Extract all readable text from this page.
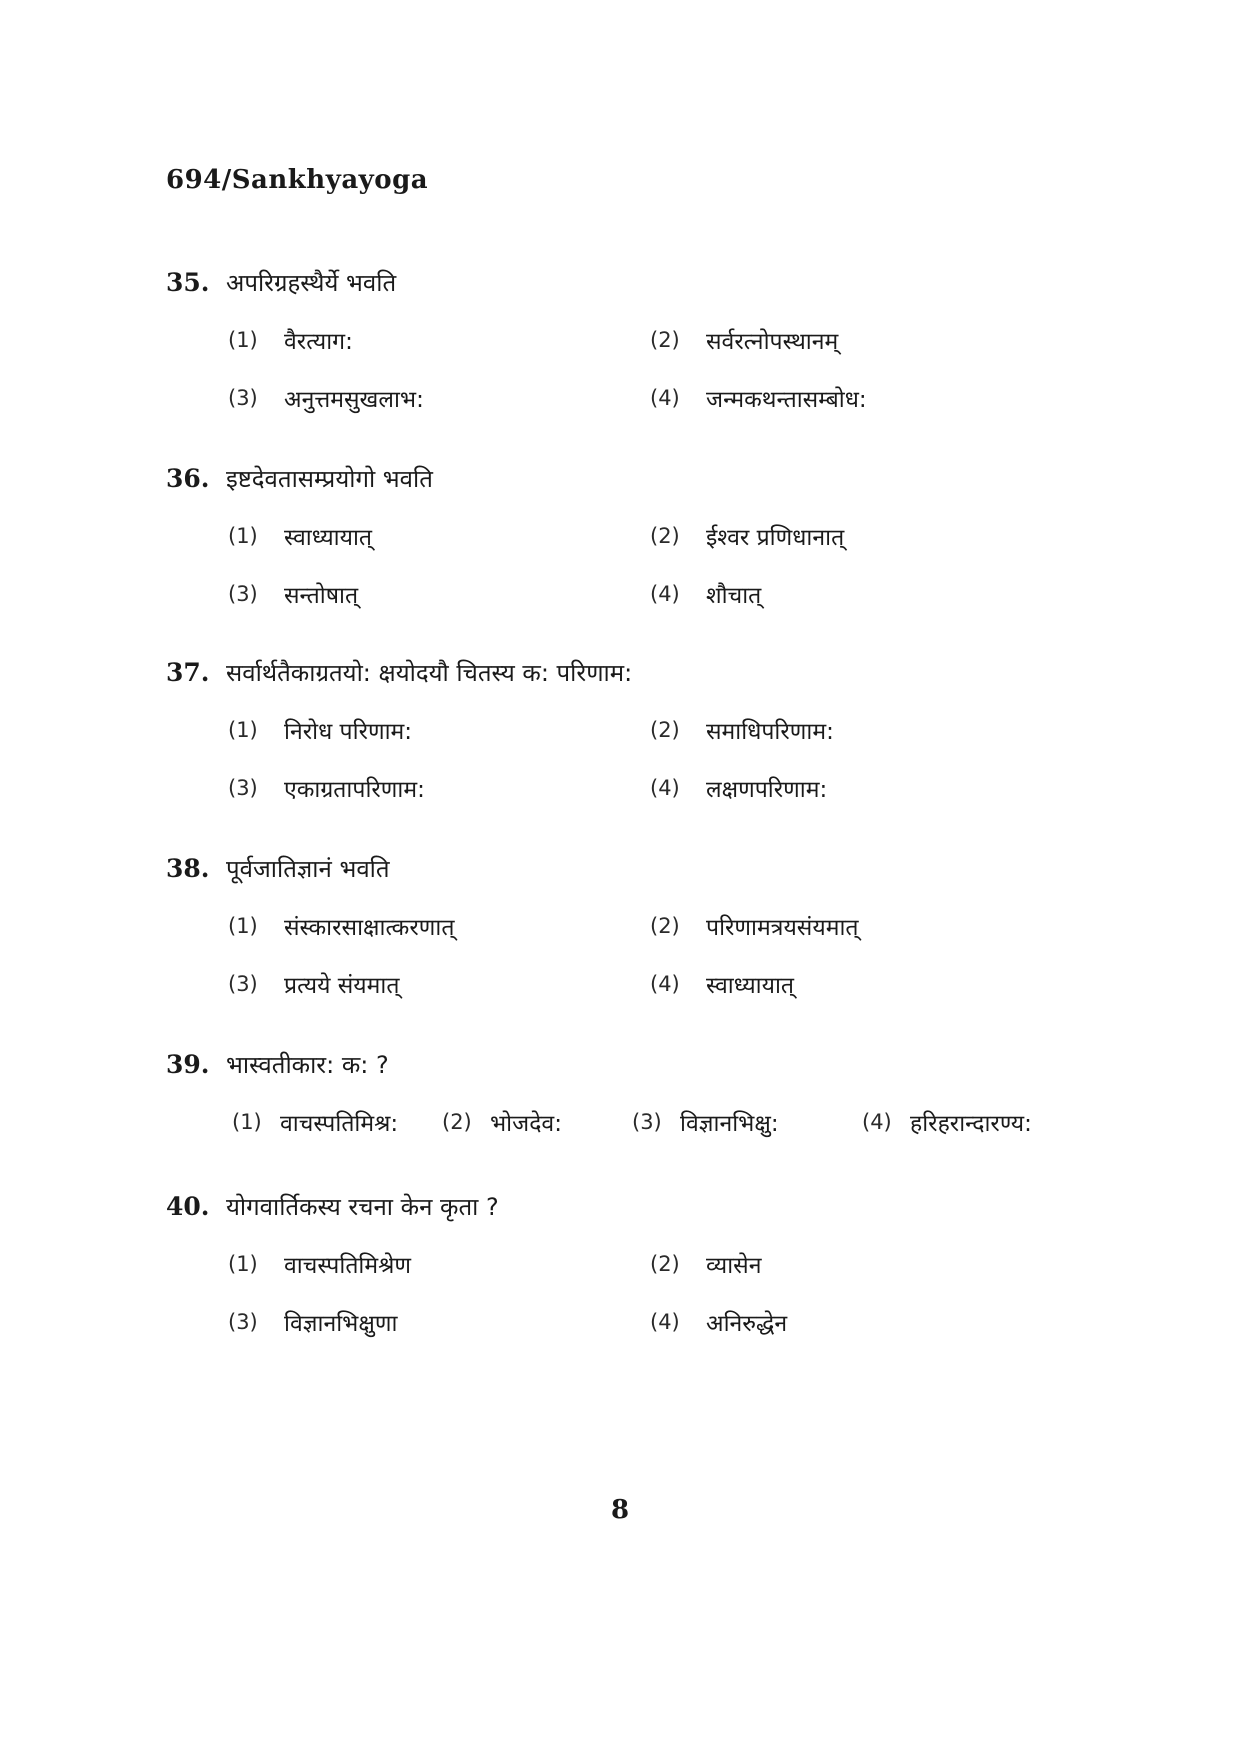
694/Sankhyayoga
35. अपरिग्रहस्थैर्ये भवति
(1)	वैरत्याग:	(2)	सर्वरत्नोपस्थानम्
(3)	अनुत्तमसुखलाभ:	(4)	जन्मकथन्तासम्बोध:
36. इष्टदेवतासम्प्रयोगो भवति
(1)	स्वाध्यायात्	(2)	ईश्वर प्रणिधानात्
(3)	सन्तोषात्	(4)	शौचात्
37. सर्वार्थतैकाग्रतयो: क्षयोदयौ चितस्य क: परिणाम:
(1)	निरोध परिणाम:	(2)	समाधिपरिणाम:
(3)	एकाग्रतापरिणाम:	(4)	लक्षणपरिणाम:
38. पूर्वजातिज्ञानं भवति
(1)	संस्कारसाक्षात्करणात्	(2)	परिणामत्रयसंयमात्
(3)	प्रत्यये संयमात्	(4)	स्वाध्यायात्
39. भास्वतीकार: क: ?
(1) वाचस्पतिमिश्र: (2) भोजदेव:	(3) विज्ञानभिक्षु:	(4) हरिहरान्दारण्य:
40. योगवार्तिकस्य रचना केन कृता ?
(1)	वाचस्पतिमिश्रेण	(2)	व्यासेन
(3)	विज्ञानभिक्षुणा	(4)	अनिरुद्धेन
8
